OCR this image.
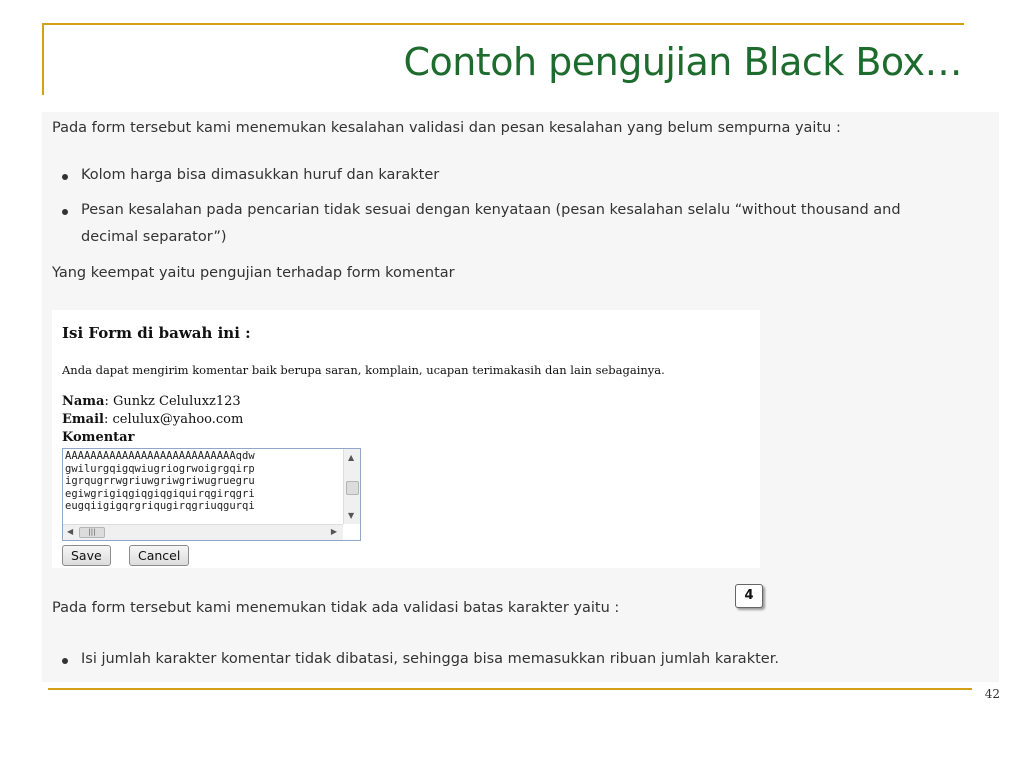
Contoh pengujian Black Box…
Pada form tersebut kami menemukan kesalahan validasi dan pesan kesalahan yang belum sempurna yaitu :
Kolom harga bisa dimasukkan huruf dan karakter
Pesan kesalahan pada pencarian tidak sesuai dengan kenyataan (pesan kesalahan selalu “without thousand and
decimal separator”)
Yang keempat yaitu pengujian terhadap form komentar
Isi Form di bawah ini :
Anda dapat mengirim komentar baik berupa saran, komplain, ucapan terimakasih dan lain sebagainya.
Nama: Gunkz Celuluxz123
Email: celulux@yahoo.com
Komentar
AAAAAAAAAAAAAAAAAAAAAAAAAAAqdw
gwilurgqigqwiugriogrwoigrgqirp
igrqugrrwgriuwgriwgriwugruegru
egiwgrigiqgiqgiqgiquirqgirqgri
eugqiigigqrgriqugirqgriuqgurqi
▲
▼
◀	|||	▶
Save	Cancel
Pada form tersebut kami menemukan tidak ada validasi batas karakter yaitu :
4
Isi jumlah karakter komentar tidak dibatasi, sehingga bisa memasukkan ribuan jumlah karakter.
42
